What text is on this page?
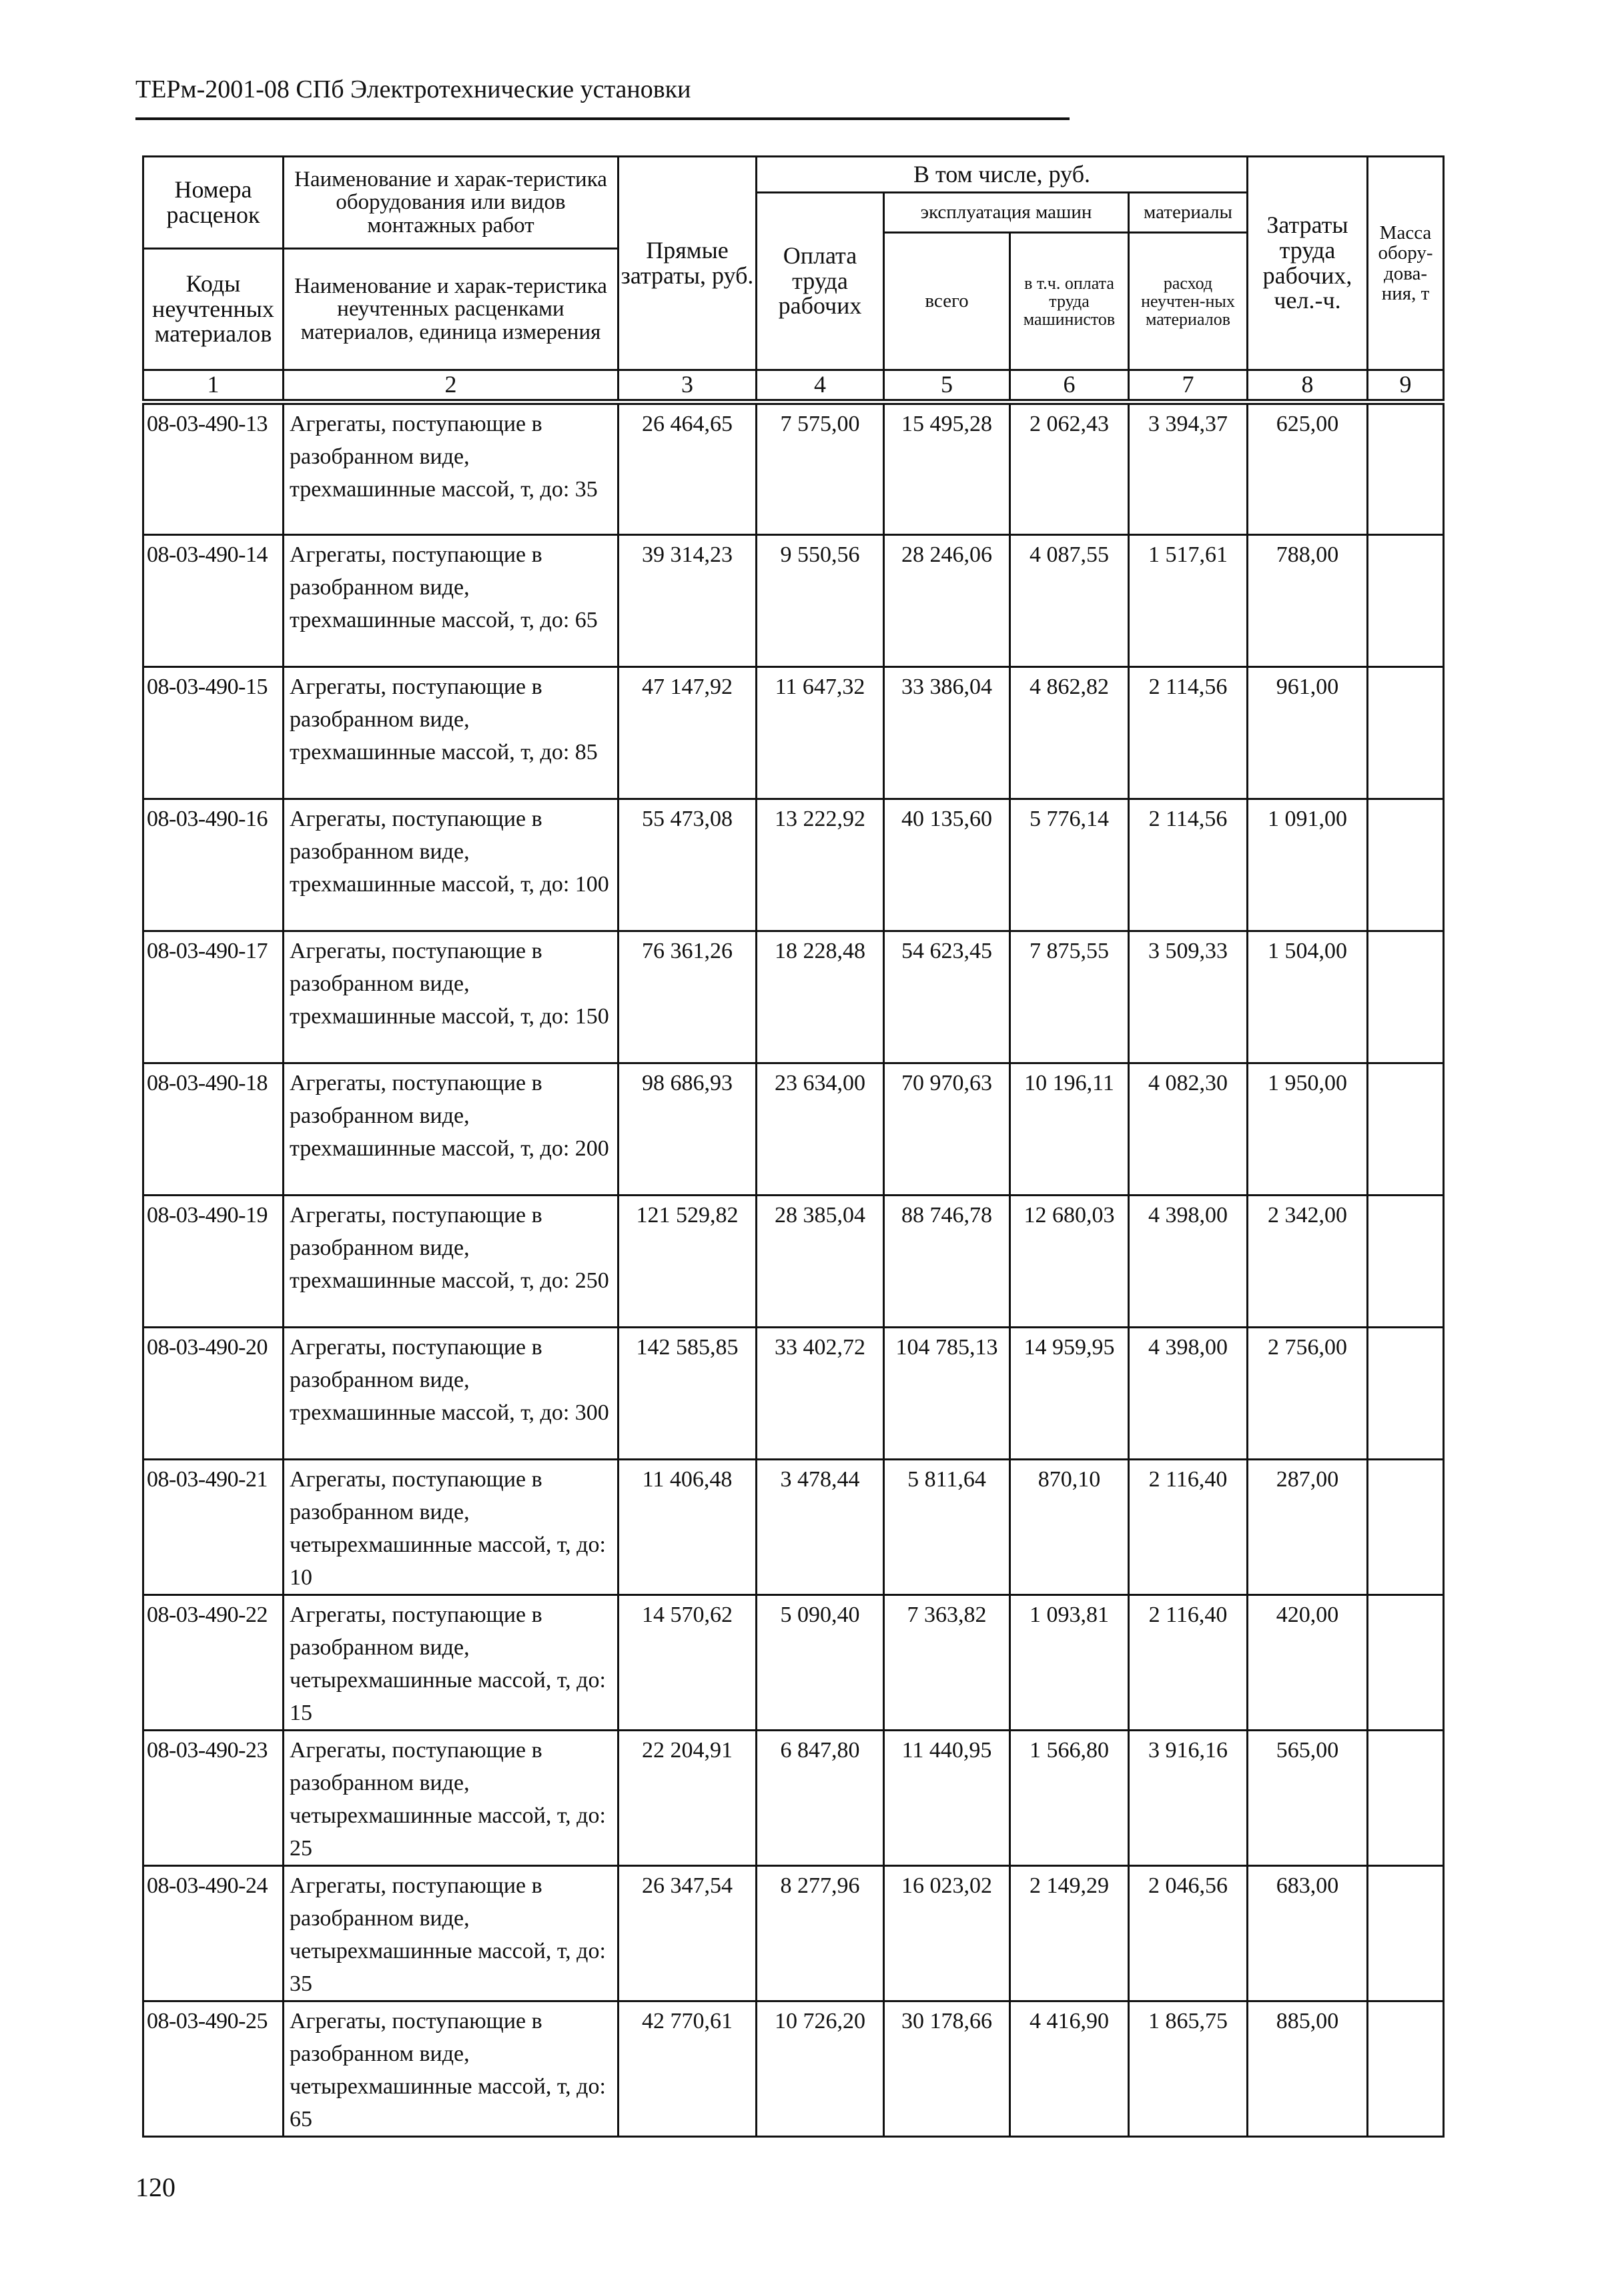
ТЕРм-2001-08 СПб Электротехнические установки
Номера расценок	Наименование и харак-теристика оборудования или видов монтажных работ	Прямые затраты, руб.	В том числе, руб.				Затраты труда рабочих, чел.-ч.	Масса обору-дова-ния, т
			Оплата труда рабочих	эксплуатация машин		материалы		
				всего	в т.ч. оплата труда машинистов	расход неучтен-ных материалов		
Коды неучтенных материалов	Наименование и харак-теристика неучтенных расценками материалов, единица измерения							

1	2	3	4	5	6	7	8	9
08-03-490-13	Агрегаты, поступающие в разобранном виде, трехмашинные массой, т, до: 35	26 464,65	7 575,00	15 495,28	2 062,43	3 394,37	625,00	
08-03-490-14	Агрегаты, поступающие в разобранном виде, трехмашинные массой, т, до: 65	39 314,23	9 550,56	28 246,06	4 087,55	1 517,61	788,00	
08-03-490-15	Агрегаты, поступающие в разобранном виде, трехмашинные массой, т, до: 85	47 147,92	11 647,32	33 386,04	4 862,82	2 114,56	961,00	
08-03-490-16	Агрегаты, поступающие в разобранном виде, трехмашинные массой, т, до: 100	55 473,08	13 222,92	40 135,60	5 776,14	2 114,56	1 091,00	
08-03-490-17	Агрегаты, поступающие в разобранном виде, трехмашинные массой, т, до: 150	76 361,26	18 228,48	54 623,45	7 875,55	3 509,33	1 504,00	
08-03-490-18	Агрегаты, поступающие в разобранном виде, трехмашинные массой, т, до: 200	98 686,93	23 634,00	70 970,63	10 196,11	4 082,30	1 950,00	
08-03-490-19	Агрегаты, поступающие в разобранном виде, трехмашинные массой, т, до: 250	121 529,82	28 385,04	88 746,78	12 680,03	4 398,00	2 342,00	
08-03-490-20	Агрегаты, поступающие в разобранном виде, трехмашинные массой, т, до: 300	142 585,85	33 402,72	104 785,13	14 959,95	4 398,00	2 756,00	
08-03-490-21	Агрегаты, поступающие в разобранном виде, четырехмашинные массой, т, до: 10	11 406,48	3 478,44	5 811,64	870,10	2 116,40	287,00	
08-03-490-22	Агрегаты, поступающие в разобранном виде, четырехмашинные массой, т, до: 15	14 570,62	5 090,40	7 363,82	1 093,81	2 116,40	420,00	
08-03-490-23	Агрегаты, поступающие в разобранном виде, четырехмашинные массой, т, до: 25	22 204,91	6 847,80	11 440,95	1 566,80	3 916,16	565,00	
08-03-490-24	Агрегаты, поступающие в разобранном виде, четырехмашинные массой, т, до: 35	26 347,54	8 277,96	16 023,02	2 149,29	2 046,56	683,00	
08-03-490-25	Агрегаты, поступающие в разобранном виде, четырехмашинные массой, т, до: 65	42 770,61	10 726,20	30 178,66	4 416,90	1 865,75	885,00	
120
